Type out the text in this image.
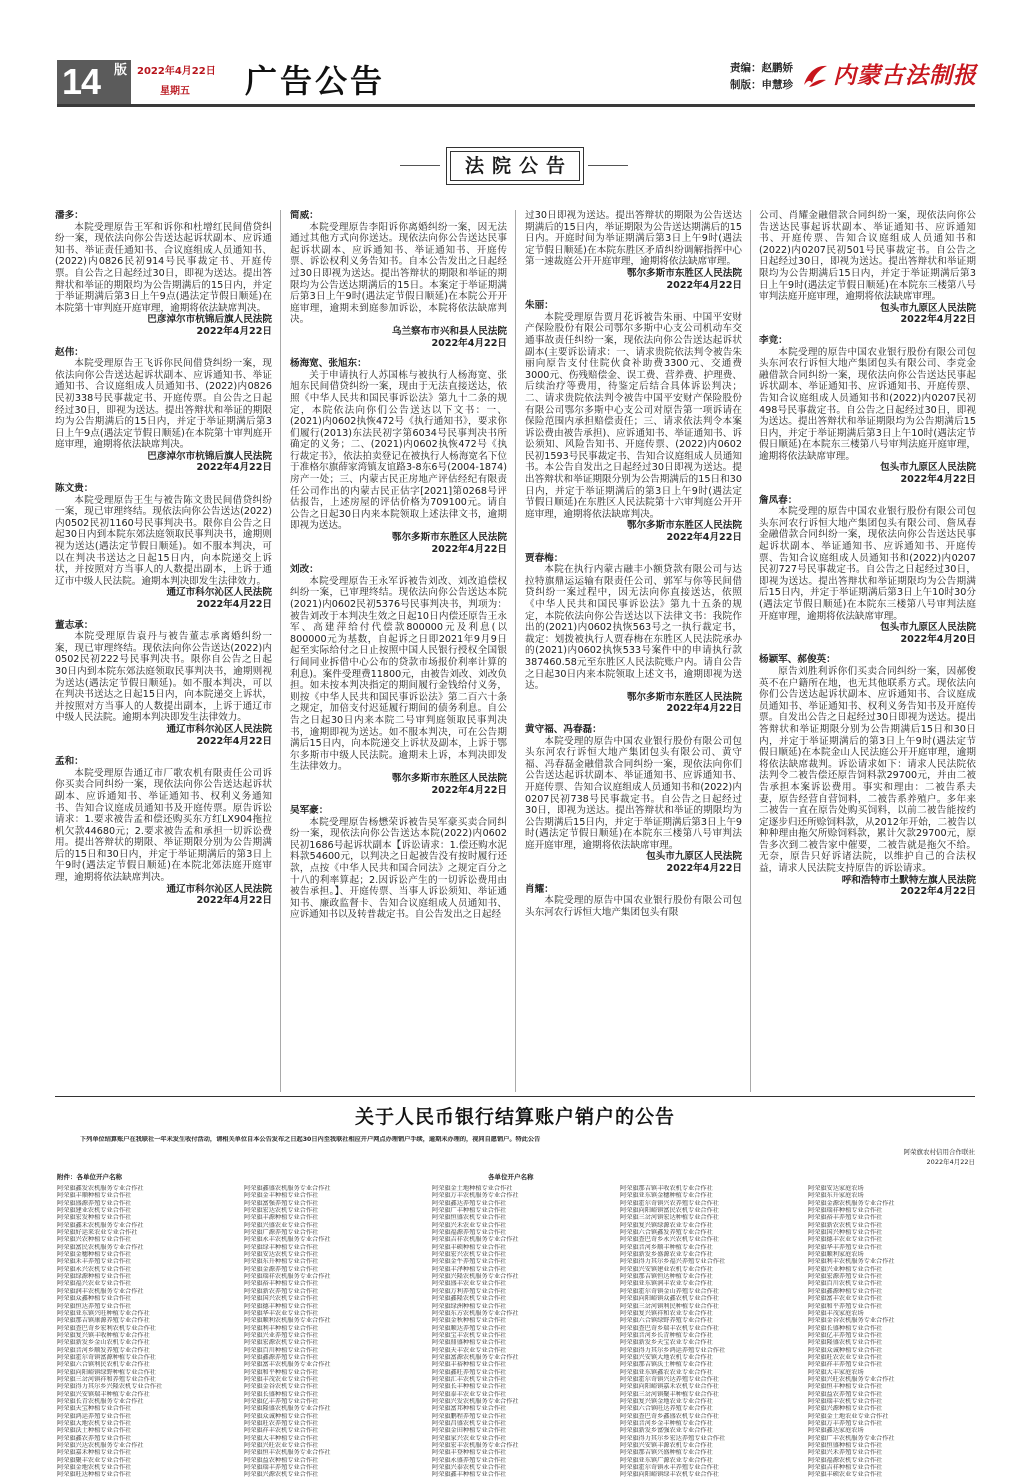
14 版 2022年4月22日
星期五 广告公告	责编：赵鹏娇
制版：申慧珍 内蒙古法制报
法院公告
潘多：

本院受理原告王军和诉你和杜增红民间借贷纠纷一案，现依法向你公告送达起诉状副本、应诉通知书、举证责任通知书、合议庭组成人员通知书、(2022)内0826民初914号民事裁定书、开庭传票。自公告之日起经过30日，即视为送达。提出答辩状和举证的期限均为公告期满后的15日内，并定于举证期满后第3日上午9点(遇法定节假日顺延)在本院第十审判庭开庭审理，逾期将依法缺席判决。

巴彦淖尔市杭锦后旗人民法院
2022年4月22日
赵伟：

本院受理原告王飞诉你民间借贷纠纷一案，现依法向你公告送达起诉状副本、应诉通知书、举证通知书、合议庭组成人员通知书、(2022)内0826民初338号民事裁定书、开庭传票。自公告之日起经过30日，即视为送达。提出答辩状和举证的期限均为公告期满后的15日内，并定于举证期满后第3日上午9点(遇法定节假日顺延)在本院第十审判庭开庭审理，逾期将依法缺席判决。

巴彦淖尔市杭锦后旗人民法院
2022年4月22日
陈文贵：

本院受理原告王生与被告陈文贵民间借贷纠纷一案，现已审理终结。现依法向你公告送达(2022)内0502民初1160号民事判决书。限你自公告之日起30日内到本院东郊法庭领取民事判决书，逾期则视为送达(遇法定节假日顺延)。如不服本判决，可以在判决书送达之日起15日内，向本院递交上诉状，并按照对方当事人的人数提出副本，上诉于通辽市中级人民法院。逾期本判决即发生法律效力。

通辽市科尔沁区人民法院
2022年4月22日
董志承：

本院受理原告袁丹与被告董志承离婚纠纷一案，现已审理终结。现依法向你公告送达(2022)内0502民初222号民事判决书。限你自公告之日起30日内到本院东郊法庭领取民事判决书，逾期则视为送达(遇法定节假日顺延)。如不服本判决，可以在判决书送达之日起15日内，向本院递交上诉状，并按照对方当事人的人数提出副本，上诉于通辽市中级人民法院。逾期本判决即发生法律效力。

通辽市科尔沁区人民法院
2022年4月22日
孟和：

本院受理原告通辽市厂歌农机有限责任公司诉你买卖合同纠纷一案，现依法向你公告送达起诉状副本、应诉通知书、举证通知书、权利义务通知书、告知合议庭成员通知书及开庭传票。原告诉讼请求：1.要求被告孟和偿还购买东方红LX904拖拉机欠款44680元；2.要求被告孟和承担一切诉讼费用。提出答辩状的期限、举证期限分别为公告期满后的15日和30日内，并定于举证期满后的第3日上午9时(遇法定节假日顺延)在本院北郊法庭开庭审理，逾期将依法缺席判决。

通辽市科尔沁区人民法院
2022年4月22日
简威：

本院受理原告李阳诉你离婚纠纷一案，因无法通过其他方式向你送达。现依法向你公告送达民事起诉状副本、应诉通知书、举证通知书、开庭传票、诉讼权利义务告知书。自本公告发出之日起经过30日即视为送达。提出答辩状的期限和举证的期限均为公告送达期满后的15日。本案定于举证期满后第3日上午9时(遇法定节假日顺延)在本院公开开庭审理，逾期未到庭参加诉讼，本院将依法缺席判决。

乌兰察布市兴和县人民法院
2022年4月22日
杨海宽、张旭东：

关于申请执行人苏国栋与被执行人杨海宽、张旭东民间借贷纠纷一案，现由于无法直接送达，依照《中华人民共和国民事诉讼法》第九十二条的规定，本院依法向你们公告送达以下文书：一、(2021)内0602执恢472号《执行通知书》，要求你们履行(2013)东法民初字第6034号民事判决书所确定的义务；二、(2021)内0602执恢472号《执行裁定书》，依法拍卖登记在被执行人杨海宽名下位于准格尔旗薛家湾镇友谊路3-8东6号(2004-1874)房产一处；三、内蒙古民正房地产评估经纪有限责任公司作出的内蒙古民正估字[2021]第0268号评估报告，上述房屋的评估价格为709100元。请自公告之日起30日内来本院领取上述法律文书，逾期即视为送达。

鄂尔多斯市东胜区人民法院
2022年4月22日
刘改：

本院受理原告王永军诉被告刘改、刘改追偿权纠纷一案，已审理终结。现依法向你公告送达本院(2021)内0602民初5376号民事判决书，判项为：被告刘改于本判决生效之日起10日内偿还原告王永军、高建萍给付代偿款800000元及利息(以800000元为基数，自起诉之日即2021年9月9日起至实际给付之日止按照中国人民银行授权全国银行间同业拆借中心公布的贷款市场报价利率计算的利息)。案件受理费11800元，由被告刘改、刘改负担。如未按本判决指定的期间履行金钱给付义务，则按《中华人民共和国民事诉讼法》第二百六十条之规定，加倍支付迟延履行期间的债务利息。自公告之日起30日内来本院二号审判庭领取民事判决书，逾期即视为送达。如不服本判决，可在公告期满后15日内，向本院递交上诉状及副本，上诉于鄂尔多斯市中级人民法院。逾期未上诉，本判决即发生法律效力。

鄂尔多斯市东胜区人民法院
2022年4月22日
吴军豪：

本院受理原告杨懋荣诉被告吴军豪买卖合同纠纷一案，现依法向你公告送达本院(2022)内0602民初1686号起诉状副本【诉讼请求：1.偿还购水泥料款54600元，以判决之日起被告没有按时履行还款，点按《中华人民共和国合同法》之规定百分之十八的利率算起；2.因诉讼产生的一切诉讼费用由被告承担。】、开庭传票、当事人诉讼须知、举证通知书、廉政监督卡、告知合议庭组成人员通知书、应诉通知书以及转普裁定书。自公告发出之日起经

过30日即视为送达。提出答辩状的期限为公告送达期满后的15日内，举证期限为公告送达期满后的15日内。开庭时间为举证期满后第3日上午9时(遇法定节假日顺延)在本院东胜区矛盾纠纷调解指挥中心第一速裁庭公开开庭审理，逾期将依法缺席审理。

鄂尔多斯市东胜区人民法院
2022年4月22日
朱丽：

本院受理原告贾月花诉被告朱丽、中国平安财产保险股份有限公司鄂尔多斯中心支公司机动车交通事故责任纠纷一案，现依法向你公告送达起诉状副本(主要诉讼请求：一、请求贵院依法判令被告朱丽向原告支付住院伙食补助费3300元、交通费3000元、伤残赔偿金、误工费、营养费、护理费、后续治疗等费用，待鉴定后结合具体诉讼判决；二、请求贵院依法判令被告中国平安财产保险股份有限公司鄂尔多斯中心支公司对原告第一项诉请在保险范围内承担赔偿责任；三、请求依法判令本案诉讼费由被告承担)、应诉通知书、举证通知书、诉讼须知、风险告知书、开庭传票、(2022)内0602民初1593号民事裁定书、告知合议庭组成人员通知书。本公告自发出之日起经过30日即视为送达。提出答辩状和举证期限分别为公告期满后的15日和30日内，并定于举证期满后的第3日上午9时(遇法定节假日顺延)在东胜区人民法院第十六审判庭公开开庭审理，逾期将依法缺席判决。

鄂尔多斯市东胜区人民法院
2022年4月22日
贾春梅：

本院在执行内蒙古融丰小额贷款有限公司与达拉特旗鼎运运输有限责任公司、郭军与你等民间借贷纠纷一案过程中，因无法向你直接送达，依照《中华人民共和国民事诉讼法》第九十五条的规定，本院依法向你公告送达以下法律文书：我院作出的(2021)内0602执恢563号之一执行裁定书，裁定：划拨被执行人贾春梅在东胜区人民法院承办的(2021)内0602执恢533号案件中的申请执行款387460.58元至东胜区人民法院账户内。请自公告之日起30日内来本院领取上述文书，逾期即视为送达。

鄂尔多斯市东胜区人民法院
2022年4月22日
黄守福、冯春磊：

本院受理的原告中国农业银行股份有限公司包头东河农行诉恒大地产集团包头有限公司、黄守福、冯春磊金融借款合同纠纷一案，现依法向你们公告送达起诉状副本、举证通知书、应诉通知书、开庭传票、告知合议庭组成人员通知书和(2022)内0207民初738号民事裁定书。自公告之日起经过30日，即视为送达。提出答辩状和举证的期限均为公告期满后15日内，并定于举证期满后第3日上午9时(遇法定节假日顺延)在本院东三楼第八号审判法庭开庭审理，逾期将依法缺席审理。

包头市九原区人民法院
2022年4月22日
肖耀：

本院受理的原告中国农业银行股份有限公司包头东河农行诉恒大地产集团包头有限

公司、肖耀金融借款合同纠纷一案，现依法向你公告送达民事起诉状副本、举证通知书、应诉通知书、开庭传票、告知合议庭组成人员通知书和(2022)内0207民初501号民事裁定书。自公告之日起经过30日，即视为送达。提出答辩状和举证期限均为公告期满后15日内，并定于举证期满后第3日上午9时(遇法定节假日顺延)在本院东三楼第八号审判法庭开庭审理，逾期将依法缺席审理。

包头市九原区人民法院
2022年4月22日
李竞：

本院受理的原告中国农业银行股份有限公司包头东河农行诉恒大地产集团包头有限公司、李竞金融借款合同纠纷一案，现依法向你公告送达民事起诉状副本、举证通知书、应诉通知书、开庭传票、告知合议庭组成人员通知书和(2022)内0207民初498号民事裁定书。自公告之日起经过30日，即视为送达。提出答辩状和举证期限均为公告期满后15日内，并定于举证期满后第3日上午10时(遇法定节假日顺延)在本院东三楼第八号审判法庭开庭审理，逾期将依法缺席审理。

包头市九原区人民法院
2022年4月22日
詹凤春：

本院受理的原告中国农业银行股份有限公司包头东河农行诉恒大地产集团包头有限公司、詹凤春金融借款合同纠纷一案，现依法向你公告送达民事起诉状副本、举证通知书、应诉通知书、开庭传票、告知合议庭组成人员通知书和(2022)内0207民初727号民事裁定书。自公告之日起经过30日，即视为送达。提出答辩状和举证期限均为公告期满后15日内，并定于举证期满后第3日上午10时30分(遇法定节假日顺延)在本院东三楼第八号审判法庭开庭审理，逾期将依法缺席审理。

包头市九原区人民法院
2022年4月20日
杨颖军、郝俊英：

原告刘胜利诉你们买卖合同纠纷一案，因郝俊英不在户籍所在地，也无其他联系方式。现依法向你们公告送达起诉状副本、应诉通知书、合议庭成员通知书、举证通知书、权利义务告知书及开庭传票。自发出公告之日起经过30日即视为送达。提出答辩状和举证期限分别为公告期满后15日和30日内，并定于举证期满后的第3日上午9时(遇法定节假日顺延)在本院金山人民法庭公开开庭审理，逾期将依法缺席裁判。诉讼请求如下：请求人民法院依法判令二被告偿还原告饲料款29700元，并由二被告承担本案诉讼费用。事实和理由：二被告系夫妻，原告经营自营饲料，二被告系养殖户。多年来二被告一直在原告处购买饲料，以前二被告能按约定逐步归还所赊饲料款，从2012年开始，二被告以种种理由拖欠所赊饲料款，累计欠款29700元，原告多次到二被告家中催要，二被告就是拖欠不给。无奈，原告只好诉诸法院，以维护自己的合法权益，请求人民法院支持原告的诉讼请求。

呼和浩特市土默特左旗人民法院
2022年4月22日
关于人民币银行结算账户销户的公告
下列单位结算账户在我联社一年未发生收付活动，请相关单位自本公告发布之日起30日内至我联社相应开户网点办理销户手续，逾期未办理的，视同自愿销户。特此公告
阿荣旗农村信用合作联社
2022年4月22日
附件：各单位开户名称	各单位开户名称
阿荣旗鑫发农机服务专业合作社
阿荣旗丰顺种植专业合作社
阿荣旗盛源养殖专业合作社
阿荣旗建业农机专业合作社
阿荣旗宏发种植专业合作社
阿荣旗鑫禾农机服务专业合作社
阿荣旗好运来农业专业合作社
阿荣旗兴农种植专业合作社
阿荣旗富民农机服务专业合作社
阿荣旗金穗种植专业合作社
阿荣旗禾丰养殖专业合作社
阿荣旗永兴农机专业合作社
阿荣旗绿源种植专业合作社
阿荣旗福兴农业专业合作社
阿荣旗润丰农机服务专业合作社
阿荣旗众鑫种植专业合作社
阿荣旗恒达养殖专业合作社
阿荣旗亚东镇兴旺种植专业合作社
阿荣旗那吉镇康源养殖专业合作社
阿荣旗查巴奇乡宏利农机专业合作社
阿荣旗复兴镇丰收种植专业合作社
阿荣旗新发乡金山农机专业合作社
阿荣旗音河乡顺发养殖专业合作社
阿荣旗霍尔奇镇富源种植专业合作社
阿荣旗六合镇利民农机专业合作社
阿荣旗向阳峪镇绿野种植专业合作社
阿荣旗三岔河镇祥和养殖专业合作社
阿荣旗得力其尔乡兴隆农机专业合作社
阿荣旗兴安镇瑞丰种植专业合作社
阿荣旗长青农机服务专业合作社
阿荣旗天宝种植专业合作社
阿荣旗鸿运养殖专业合作社
阿荣旗大地农机专业合作社
阿荣旗沃土种植专业合作社
阿荣旗鑫农养殖专业合作社
阿荣旗兴达农机服务专业合作社
阿荣旗嘉禾种植专业合作社
阿荣旗聚丰农业专业合作社
阿荣旗金地农机专业合作社
阿荣旗旺达种植专业合作社
阿荣旗鑫盛农机服务专业合作社
阿荣旗金丰种植专业合作社
阿荣旗富强养殖专业合作社
阿荣旗宏达农机专业合作社
阿荣旗丰源种植专业合作社
阿荣旗兴盛农业专业合作社
阿荣旗广源养殖专业合作社
阿荣旗永丰农机服务专业合作社
阿荣旗绿丰种植专业合作社
阿荣旗安达农机专业合作社
阿荣旗东升种植专业合作社
阿荣旗金源养殖专业合作社
阿荣旗瑞祥农机服务专业合作社
阿荣旗裕丰种植专业合作社
阿荣旗新农养殖专业合作社
阿荣旗国兴农机专业合作社
阿荣旗德丰种植专业合作社
阿荣旗华丰农业专业合作社
阿荣旗顺利农机服务专业合作社
阿荣旗利丰种植专业合作社
阿荣旗兴业养殖专业合作社
阿荣旗宏源农机专业合作社
阿荣旗百川种植专业合作社
阿荣旗鑫源养殖专业合作社
阿荣旗富丰农机服务专业合作社
阿荣旗和平种植专业合作社
阿荣旗丰茂农业专业合作社
阿荣旗金谷农机专业合作社
阿荣旗长盛种植专业合作社
阿荣旗亿丰养殖专业合作社
阿荣旗隆盛农机服务专业合作社
阿荣旗众诚种植专业合作社
阿荣旗旺农养殖专业合作社
阿荣旗祥丰农机专业合作社
阿荣旗大丰种植专业合作社
阿荣旗兴旺农业专业合作社
阿荣旗恒丰农机服务专业合作社
阿荣旗益农种植专业合作社
阿荣旗瑞丰养殖专业合作社
阿荣旗兴源农机专业合作社
阿荣旗金土地种植专业合作社
阿荣旗万丰农机服务专业合作社
阿荣旗鑫达养殖专业合作社
阿荣旗广丰种植专业合作社
阿荣旗恒盛农机专业合作社
阿荣旗兴禾农业专业合作社
阿荣旗福源养殖专业合作社
阿荣旗吉祥农机服务专业合作社
阿荣旗丰硕种植专业合作社
阿荣旗宏兴农机专业合作社
阿荣旗金牛养殖专业合作社
阿荣旗丰泽种植专业合作社
阿荣旗兴隆农机服务专业合作社
阿荣旗盛丰农业专业合作社
阿荣旗万利养殖专业合作社
阿荣旗鑫隆农机专业合作社
阿荣旗绿洲种植专业合作社
阿荣旗东方农机服务专业合作社
阿荣旗金秋种植专业合作社
阿荣旗顺达养殖专业合作社
阿荣旗宝丰农机专业合作社
阿荣旗鼎盛种植专业合作社
阿荣旗天丰农业专业合作社
阿荣旗富源农机服务专业合作社
阿荣旗丰裕种植专业合作社
阿荣旗鑫旺养殖专业合作社
阿荣旗汇丰农机专业合作社
阿荣旗长丰种植专业合作社
阿荣旗泰丰农业专业合作社
阿荣旗兴发农机服务专业合作社
阿荣旗富邦种植专业合作社
阿荣旗鹏程养殖专业合作社
阿荣旗昌盛农机专业合作社
阿荣旗金田种植专业合作社
阿荣旗家兴农业专业合作社
阿荣旗宏丰农机服务专业合作社
阿荣旗丰登种植专业合作社
阿荣旗永盛养殖专业合作社
阿荣旗兴泰农机专业合作社
阿荣旗鑫丰种植专业合作社
阿荣旗那吉镇丰收农机专业合作社
阿荣旗亚东镇金穗种植专业合作社
阿荣旗霍尔奇镇兴农养殖专业合作社
阿荣旗向阳峪镇富民农机专业合作社
阿荣旗三岔河镇宏达种植专业合作社
阿荣旗复兴镇绿源农业专业合作社
阿荣旗六合镇鑫发养殖专业合作社
阿荣旗查巴奇乡永兴农机专业合作社
阿荣旗音河乡顺丰种植专业合作社
阿荣旗新发乡盛源农业专业合作社
阿荣旗得力其尔乡福兴养殖专业合作社
阿荣旗兴安镇建业农机专业合作社
阿荣旗那吉镇恒达种植专业合作社
阿荣旗亚东镇润丰农业专业合作社
阿荣旗霍尔奇镇金山养殖专业合作社
阿荣旗向阳峪镇众鑫农机专业合作社
阿荣旗三岔河镇利民种植专业合作社
阿荣旗复兴镇祥和农业专业合作社
阿荣旗六合镇绿野养殖专业合作社
阿荣旗查巴奇乡瑞丰农机专业合作社
阿荣旗音河乡长青种植专业合作社
阿荣旗新发乡天宝农业专业合作社
阿荣旗得力其尔乡鸿运养殖专业合作社
阿荣旗兴安镇大地农机专业合作社
阿荣旗那吉镇沃土种植专业合作社
阿荣旗亚东镇鑫农农业专业合作社
阿荣旗霍尔奇镇兴达养殖专业合作社
阿荣旗向阳峪镇嘉禾农机专业合作社
阿荣旗三岔河镇聚丰种植专业合作社
阿荣旗复兴镇金地农业专业合作社
阿荣旗六合镇旺达养殖专业合作社
阿荣旗查巴奇乡鑫盛农机专业合作社
阿荣旗音河乡金丰种植专业合作社
阿荣旗新发乡富强农业专业合作社
阿荣旗得力其尔乡宏达养殖专业合作社
阿荣旗兴安镇丰源农机专业合作社
阿荣旗那吉镇兴盛种植专业合作社
阿荣旗亚东镇广源农业专业合作社
阿荣旗霍尔奇镇永丰养殖专业合作社
阿荣旗向阳峪镇绿丰农机专业合作社
阿荣旗安达家庭农场
阿荣旗东升家庭农场
阿荣旗金源农机服务专业合作社
阿荣旗瑞祥种植专业合作社
阿荣旗裕丰养殖专业合作社
阿荣旗新农农机专业合作社
阿荣旗国兴种植专业合作社
阿荣旗德丰农业专业合作社
阿荣旗华丰养殖专业合作社
阿荣旗顺利家庭农场
阿荣旗利丰农机服务专业合作社
阿荣旗兴业种植专业合作社
阿荣旗宏源养殖专业合作社
阿荣旗百川农机专业合作社
阿荣旗鑫源种植专业合作社
阿荣旗富丰农业专业合作社
阿荣旗和平养殖专业合作社
阿荣旗丰茂家庭农场
阿荣旗金谷农机服务专业合作社
阿荣旗长盛种植专业合作社
阿荣旗亿丰养殖专业合作社
阿荣旗隆盛农机专业合作社
阿荣旗众诚种植专业合作社
阿荣旗旺农农业专业合作社
阿荣旗祥丰养殖专业合作社
阿荣旗大丰家庭农场
阿荣旗兴旺农机服务专业合作社
阿荣旗恒丰种植专业合作社
阿荣旗益农养殖专业合作社
阿荣旗瑞丰农机专业合作社
阿荣旗兴源种植专业合作社
阿荣旗金土地农业专业合作社
阿荣旗万丰养殖专业合作社
阿荣旗鑫达家庭农场
阿荣旗广丰农机服务专业合作社
阿荣旗恒盛种植专业合作社
阿荣旗兴禾养殖专业合作社
阿荣旗福源农机专业合作社
阿荣旗吉祥种植专业合作社
阿荣旗丰硕农业专业合作社
